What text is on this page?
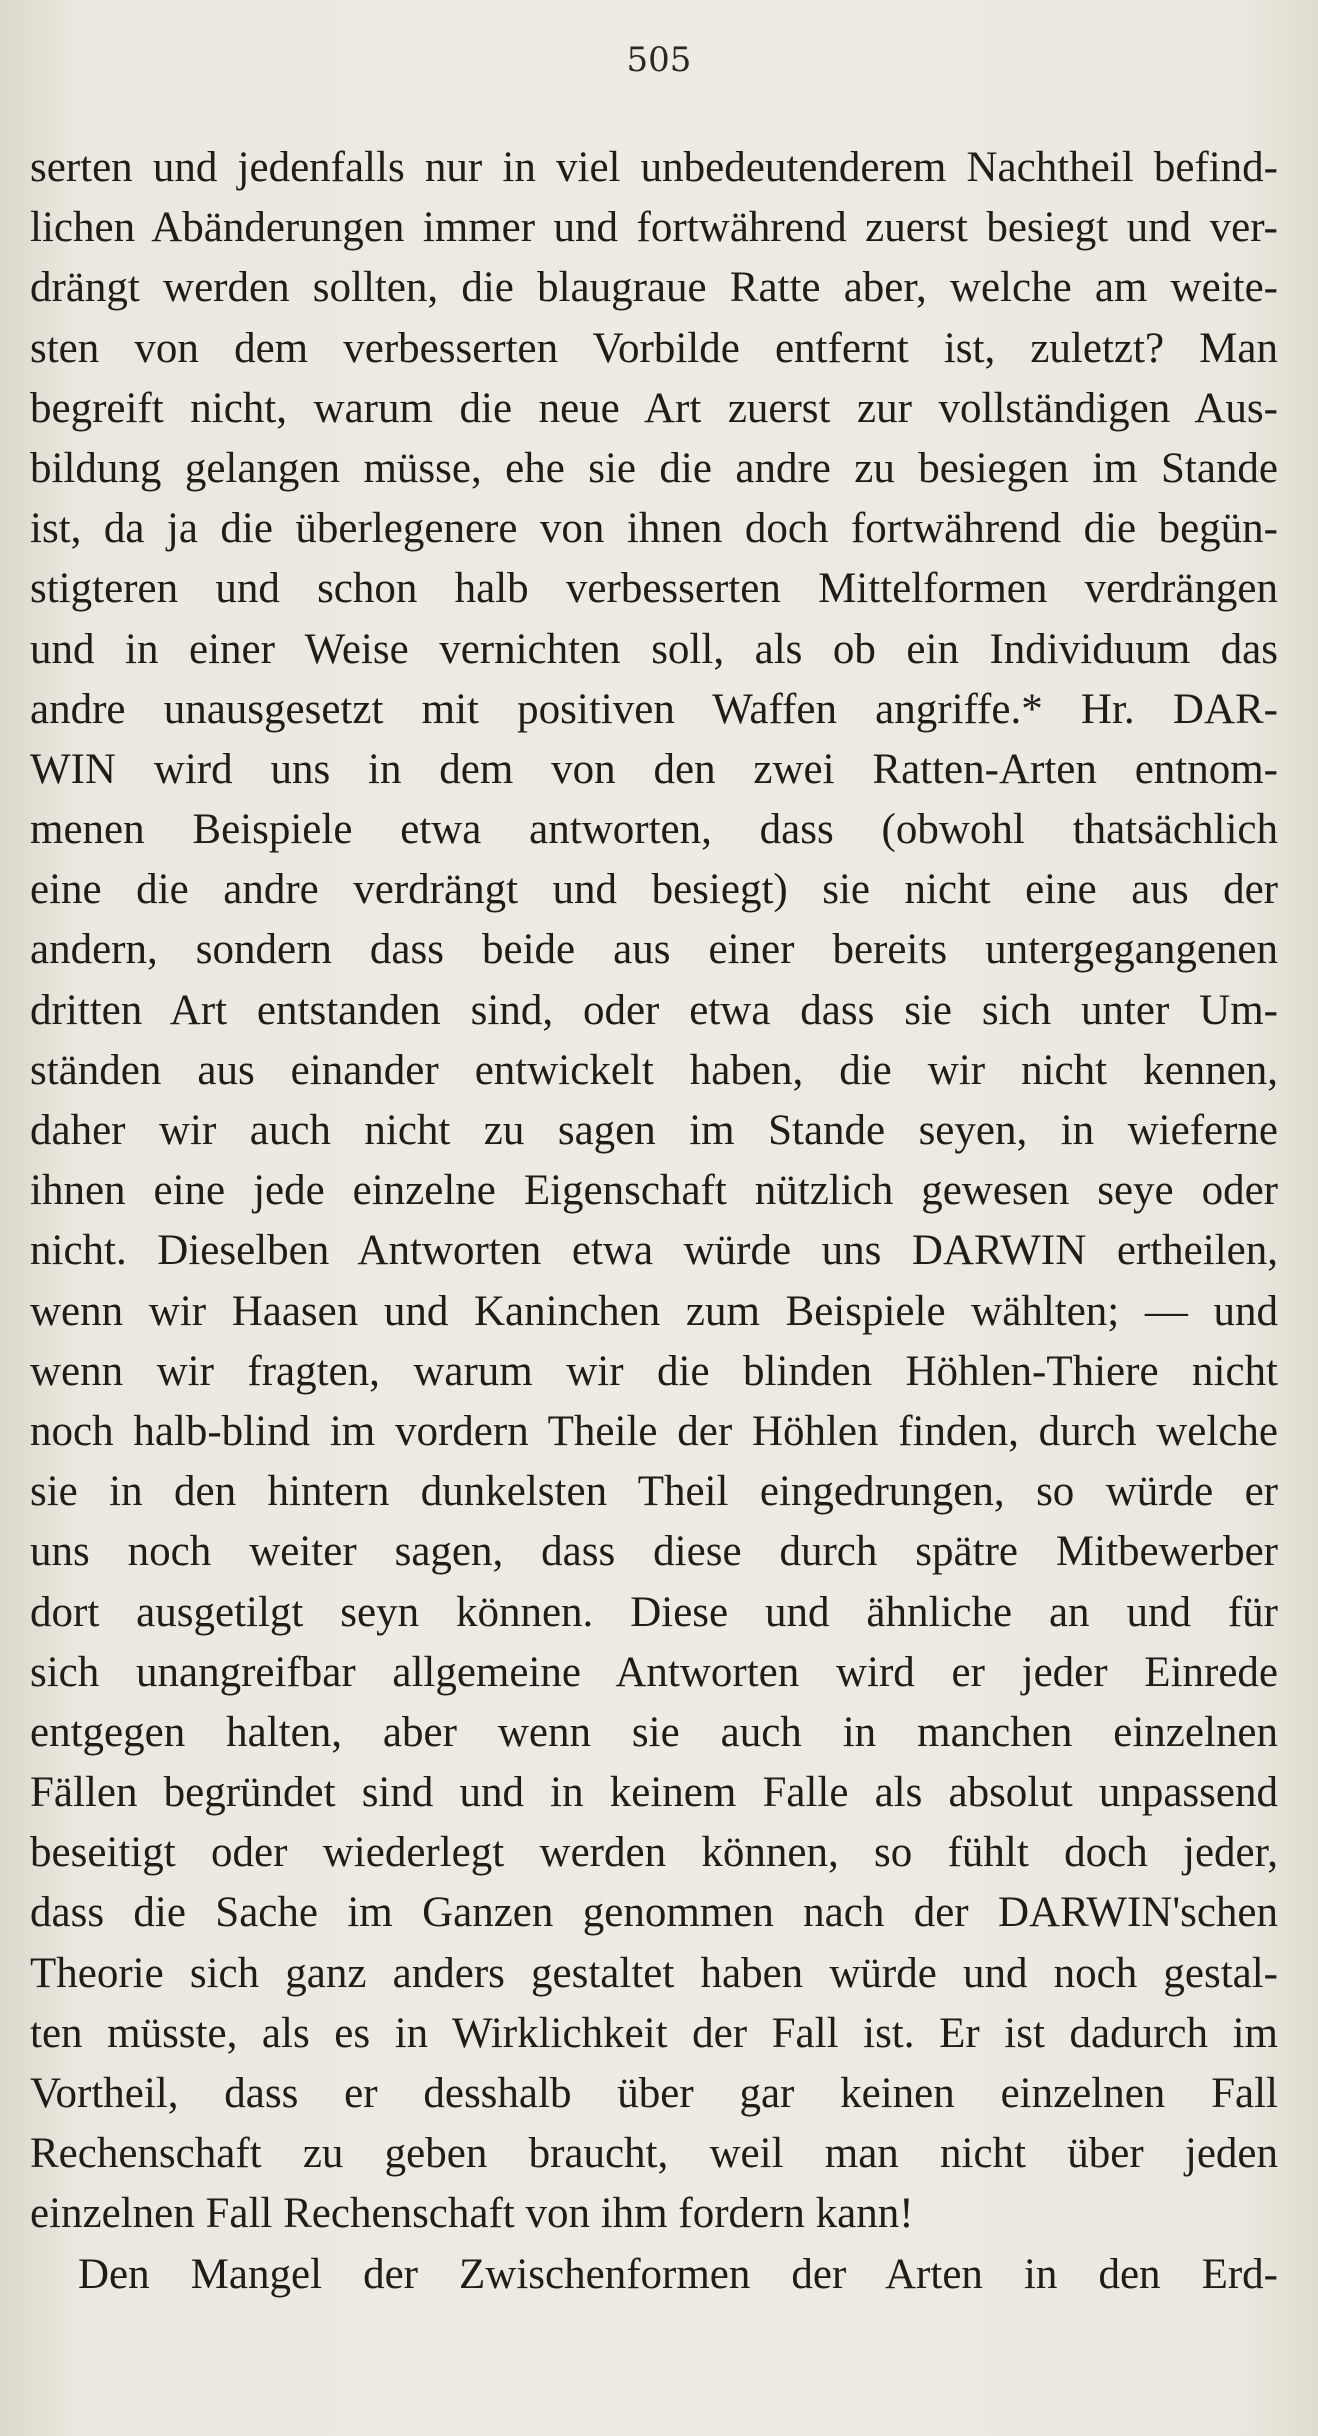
505
serten und jedenfalls nur in viel unbedeutenderem Nachtheil befind-
lichen Abänderungen immer und fortwährend zuerst besiegt und ver-
drängt werden sollten, die blaugraue Ratte aber, welche am weite-
sten von dem verbesserten Vorbilde entfernt ist, zuletzt? Man
begreift nicht, warum die neue Art zuerst zur vollständigen Aus-
bildung gelangen müsse, ehe sie die andre zu besiegen im Stande
ist, da ja die überlegenere von ihnen doch fortwährend die begün-
stigteren und schon halb verbesserten Mittelformen verdrängen
und in einer Weise vernichten soll, als ob ein Individuum das
andre unausgesetzt mit positiven Waffen angriffe.* Hr. DAR-
WIN wird uns in dem von den zwei Ratten-Arten entnom-
menen Beispiele etwa antworten, dass (obwohl thatsächlich
eine die andre verdrängt und besiegt) sie nicht eine aus der
andern, sondern dass beide aus einer bereits untergegangenen
dritten Art entstanden sind, oder etwa dass sie sich unter Um-
ständen aus einander entwickelt haben, die wir nicht kennen,
daher wir auch nicht zu sagen im Stande seyen, in wieferne
ihnen eine jede einzelne Eigenschaft nützlich gewesen seye oder
nicht. Dieselben Antworten etwa würde uns DARWIN ertheilen,
wenn wir Haasen und Kaninchen zum Beispiele wählten; — und
wenn wir fragten, warum wir die blinden Höhlen-Thiere nicht
noch halb-blind im vordern Theile der Höhlen finden, durch welche
sie in den hintern dunkelsten Theil eingedrungen, so würde er
uns noch weiter sagen, dass diese durch spätre Mitbewerber
dort ausgetilgt seyn können. Diese und ähnliche an und für
sich unangreifbar allgemeine Antworten wird er jeder Einrede
entgegen halten, aber wenn sie auch in manchen einzelnen
Fällen begründet sind und in keinem Falle als absolut unpassend
beseitigt oder wiederlegt werden können, so fühlt doch jeder,
dass die Sache im Ganzen genommen nach der DARWIN'schen
Theorie sich ganz anders gestaltet haben würde und noch gestal-
ten müsste, als es in Wirklichkeit der Fall ist. Er ist dadurch im
Vortheil, dass er desshalb über gar keinen einzelnen Fall
Rechenschaft zu geben braucht, weil man nicht über jeden
einzelnen Fall Rechenschaft von ihm fordern kann!
Den Mangel der Zwischenformen der Arten in den Erd-
